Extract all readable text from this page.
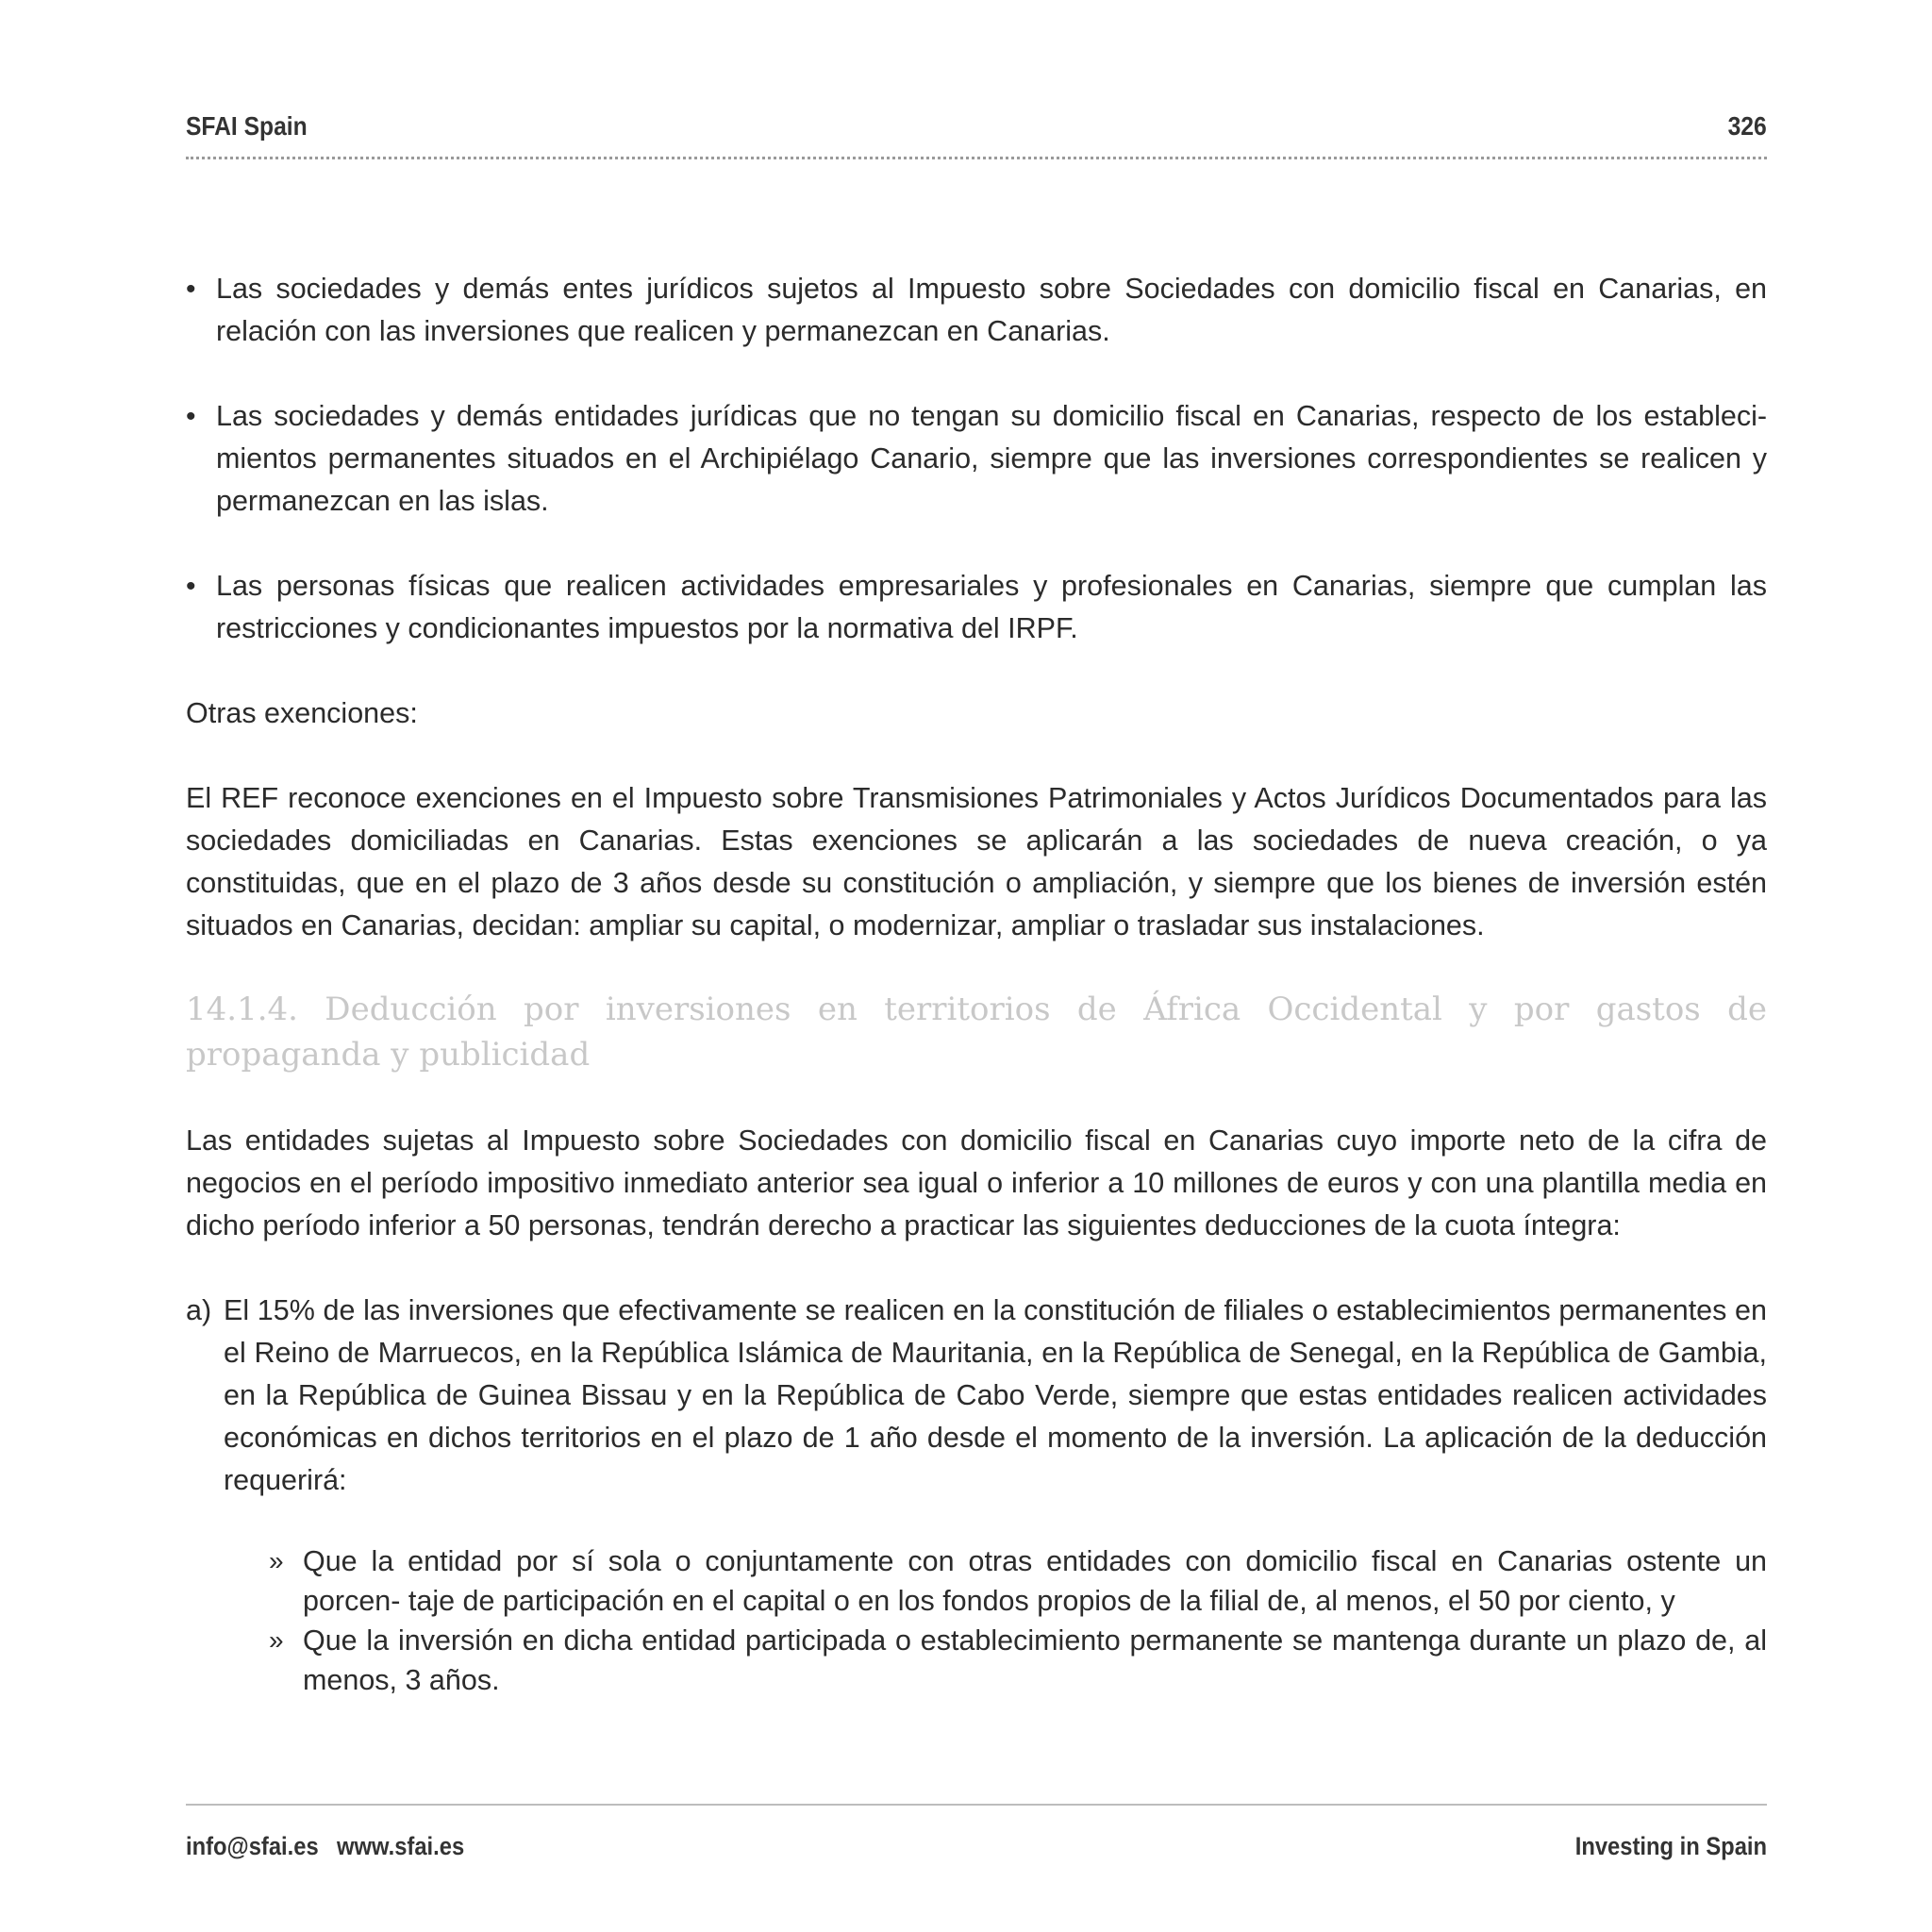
SFAI Spain	326
• Las sociedades y demás entes jurídicos sujetos al Impuesto sobre Sociedades con domicilio fiscal en Canarias, en relación con las inversiones que realicen y permanezcan en Canarias.
• Las sociedades y demás entidades jurídicas que no tengan su domicilio fiscal en Canarias, respecto de los estableci- mientos permanentes situados en el Archipiélago Canario, siempre que las inversiones correspondientes se realicen y permanezcan en las islas.
• Las personas físicas que realicen actividades empresariales y profesionales en Canarias, siempre que cumplan las restricciones y condicionantes impuestos por la normativa del IRPF.

Otras exenciones:

El REF reconoce exenciones en el Impuesto sobre Transmisiones Patrimoniales y Actos Jurídicos Documentados para las sociedades domiciliadas en Canarias. Estas exenciones se aplicarán a las sociedades de nueva creación, o ya constituidas, que en el plazo de 3 años desde su constitución o ampliación, y siempre que los bienes de inversión estén situados en Canarias, decidan: ampliar su capital, o modernizar, ampliar o trasladar sus instalaciones.

14.1.4. Deducción por inversiones en territorios de África Occidental y por gastos de propaganda y publicidad

Las entidades sujetas al Impuesto sobre Sociedades con domicilio fiscal en Canarias cuyo importe neto de la cifra de negocios en el período impositivo inmediato anterior sea igual o inferior a 10 millones de euros y con una plantilla media en dicho período inferior a 50 personas, tendrán derecho a practicar las siguientes deducciones de la cuota íntegra:

a) El 15% de las inversiones que efectivamente se realicen en la constitución de filiales o establecimientos permanentes en el Reino de Marruecos, en la República Islámica de Mauritania, en la República de Senegal, en la República de Gambia, en la República de Guinea Bissau y en la República de Cabo Verde, siempre que estas entidades realicen actividades económicas en dichos territorios en el plazo de 1 año desde el momento de la inversión. La aplicación de la deducción requerirá:

» Que la entidad por sí sola o conjuntamente con otras entidades con domicilio fiscal en Canarias ostente un porcen- taje de participación en el capital o en los fondos propios de la filial de, al menos, el 50 por ciento, y
» Que la inversión en dicha entidad participada o establecimiento permanente se mantenga durante un plazo de, al menos, 3 años.
info@sfai.es www.sfai.es	Investing in Spain
